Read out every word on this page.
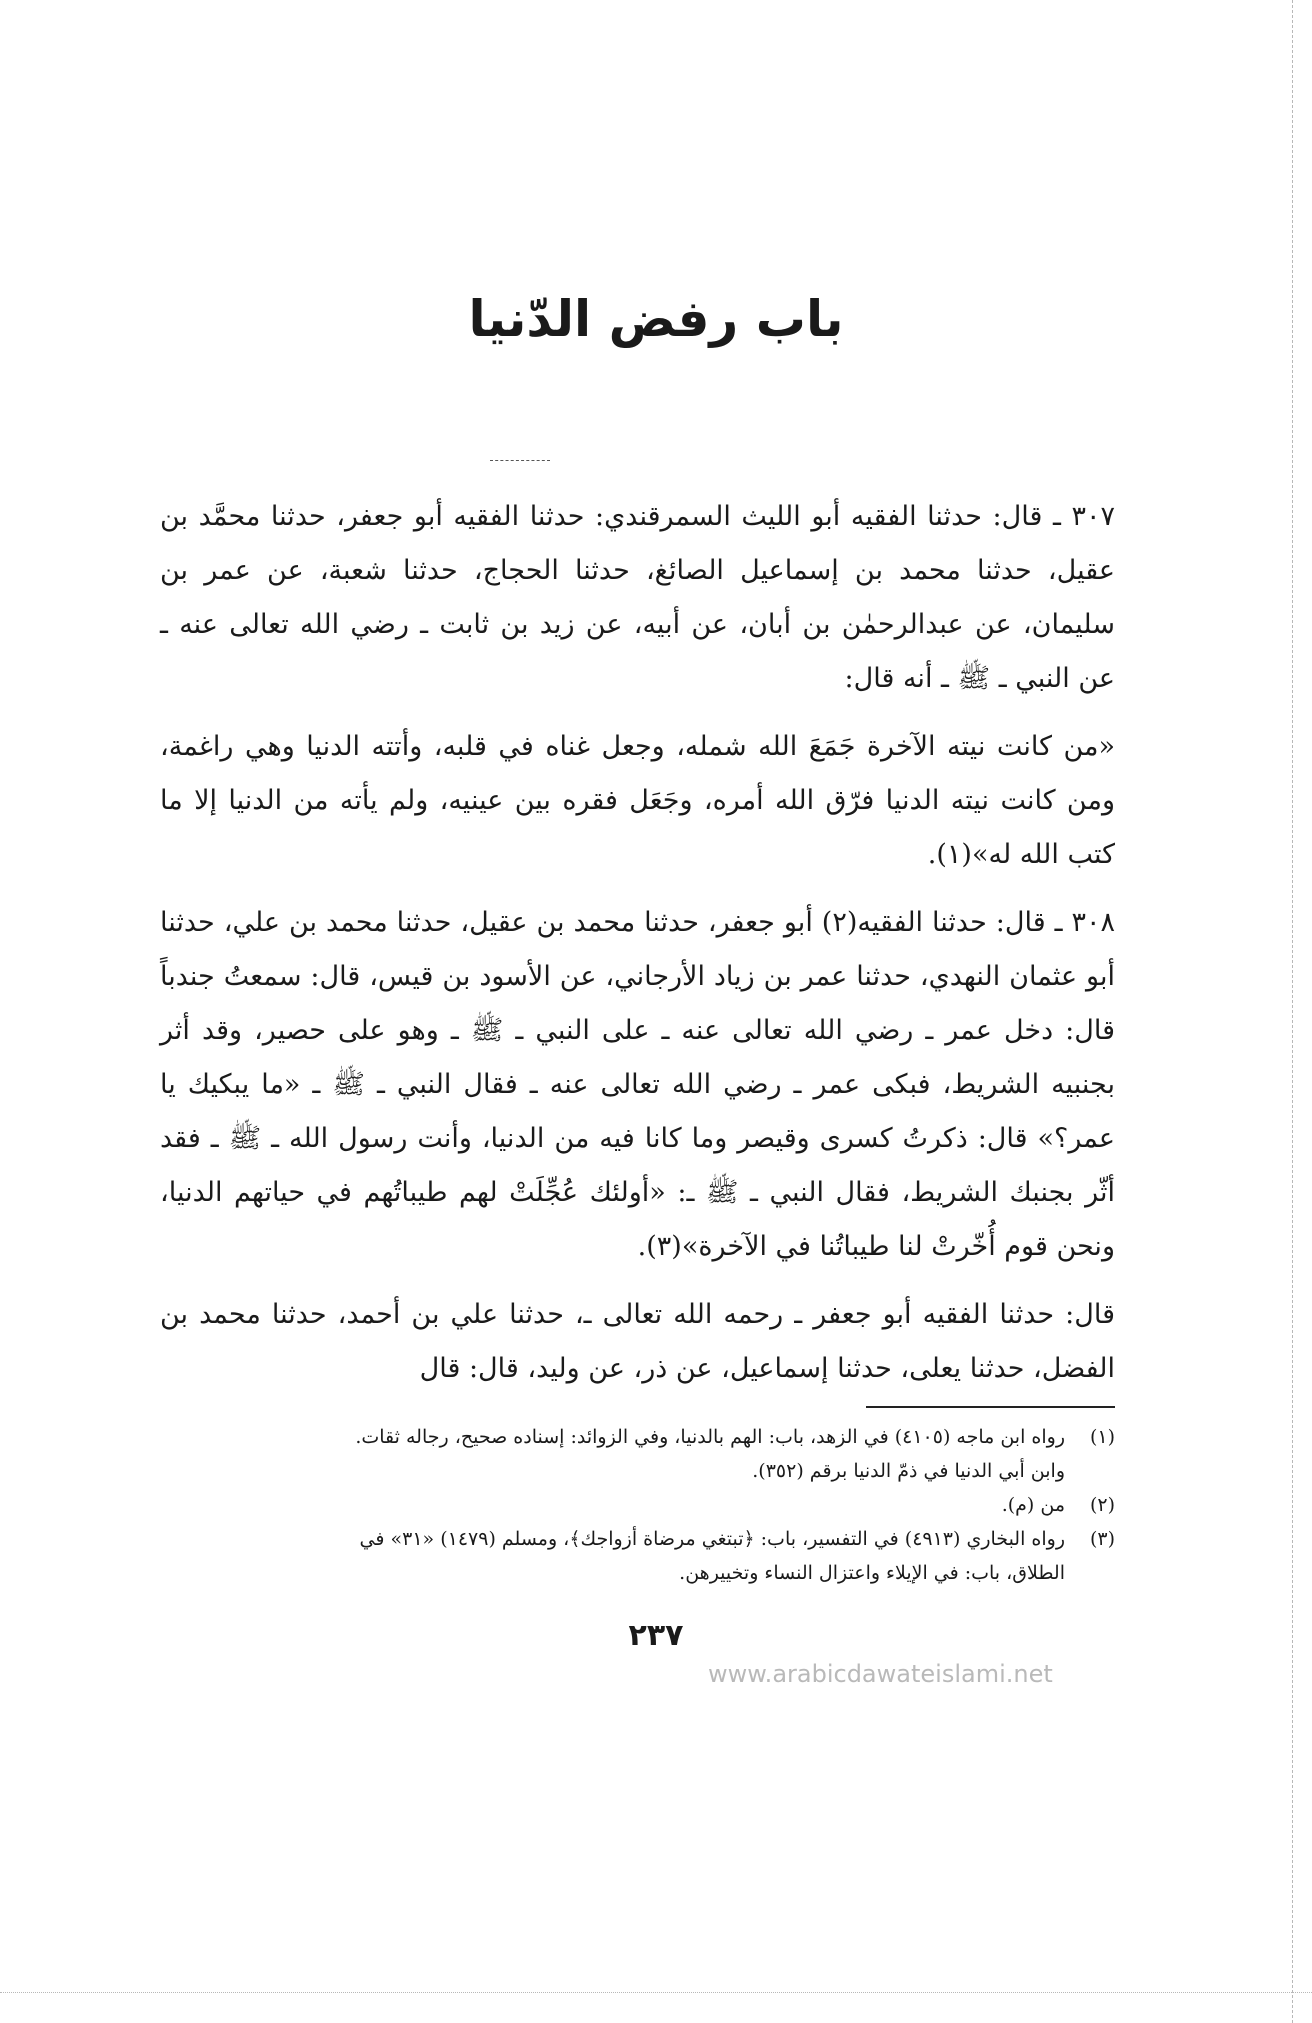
باب رفض الدّنيا

٣٠٧ ـ قال: حدثنا الفقيه أبو الليث السمرقندي: حدثنا الفقيه أبو جعفر، حدثنا محمَّد بن عقيل، حدثنا محمد بن إسماعيل الصائغ، حدثنا الحجاج، حدثنا شعبة، عن عمر بن سليمان، عن عبدالرحمٰن بن أبان، عن أبيه، عن زيد بن ثابت ـ رضي الله تعالى عنه ـ عن النبي ـ ﷺ ـ أنه قال:

«من كانت نيته الآخرة جَمَعَ الله شمله، وجعل غناه في قلبه، وأتته الدنيا وهي راغمة، ومن كانت نيته الدنيا فرّق الله أمره، وجَعَل فقره بين عينيه، ولم يأته من الدنيا إلا ما كتب الله له»(١).

٣٠٨ ـ قال: حدثنا الفقيه(٢) أبو جعفر، حدثنا محمد بن عقيل، حدثنا محمد بن علي، حدثنا أبو عثمان النهدي، حدثنا عمر بن زياد الأرجاني، عن الأسود بن قيس، قال: سمعتُ جندباً قال: دخل عمر ـ رضي الله تعالى عنه ـ على النبي ـ ﷺ ـ وهو على حصير، وقد أثر بجنبيه الشريط، فبكى عمر ـ رضي الله تعالى عنه ـ فقال النبي ـ ﷺ ـ «ما يبكيك يا عمر؟» قال: ذكرتُ كسرى وقيصر وما كانا فيه من الدنيا، وأنت رسول الله ـ ﷺ ـ فقد أثّر بجنبك الشريط، فقال النبي ـ ﷺ ـ: «أولئك عُجِّلَتْ لهم طيباتُهم في حياتهم الدنيا، ونحن قوم أُخّرتْ لنا طيباتُنا في الآخرة»(٣).

قال: حدثنا الفقيه أبو جعفر ـ رحمه الله تعالى ـ، حدثنا علي بن أحمد، حدثنا محمد بن الفضل، حدثنا يعلى، حدثنا إسماعيل، عن ذر، عن وليد، قال: قال

(١)رواه ابن ماجه (٤١٠٥) في الزهد، باب: الهم بالدنيا، وفي الزوائد: إسناده صحيح، رجاله ثقات.
وابن أبي الدنيا في ذمّ الدنيا برقم (٣٥٢).
(٢)من (م).
(٣)رواه البخاري (٤٩١٣) في التفسير، باب: ﴿تبتغي مرضاة أزواجك﴾، ومسلم (١٤٧٩) «٣١» في
الطلاق، باب: في الإيلاء واعتزال النساء وتخييرهن.
٢٣٧
www.arabicdawateislami.net
